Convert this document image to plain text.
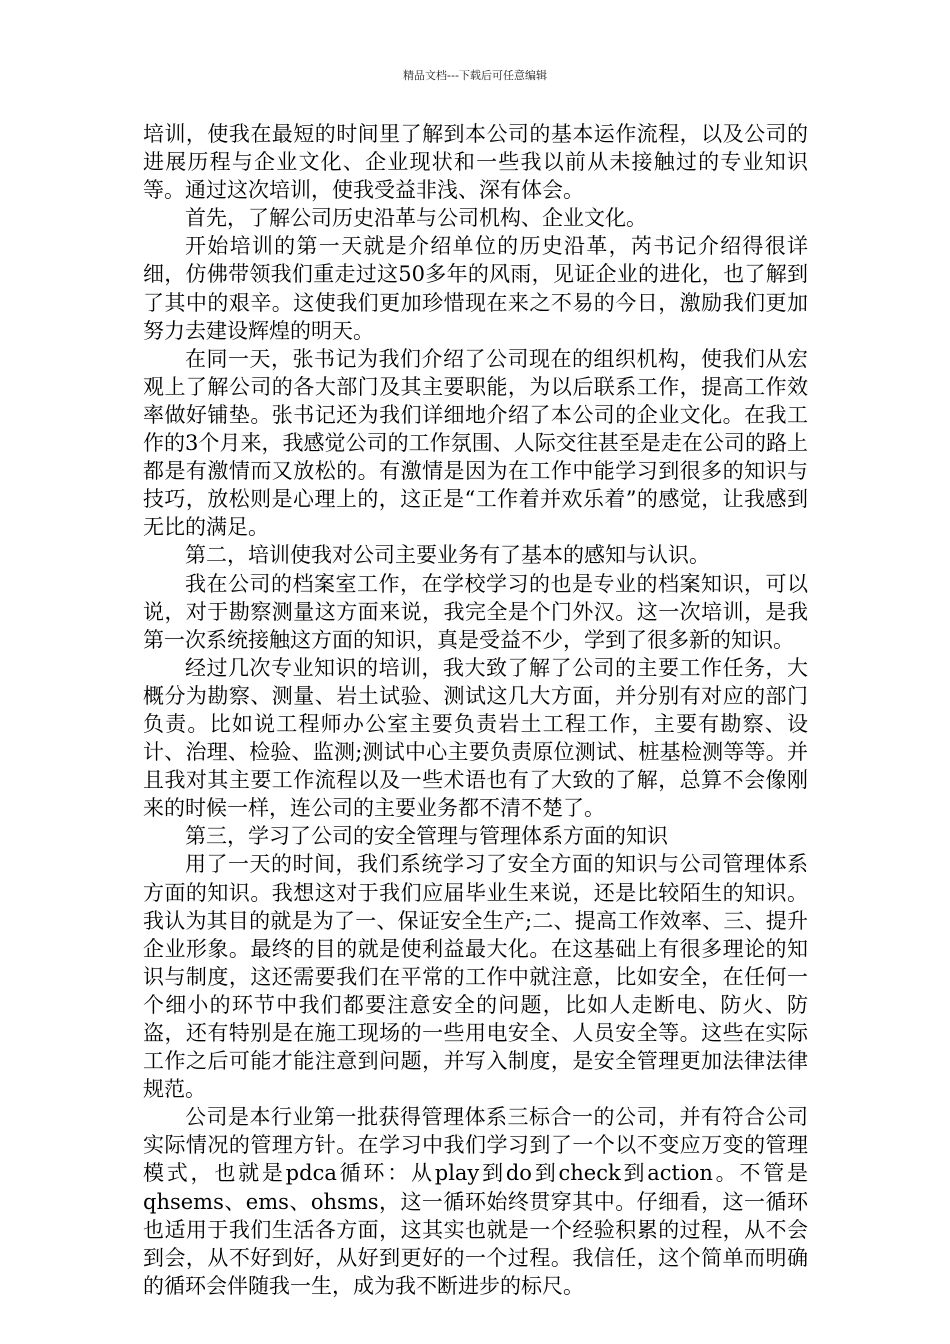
精品文档---下载后可任意编辑

培训，使我在最短的时间里了解到本公司的基本运作流程，以及公司的进展历程与企业文化、企业现状和一些我以前从未接触过的专业知识等。通过这次培训，使我受益非浅、深有体会。

首先，了解公司历史沿革与公司机构、企业文化。

开始培训的第一天就是介绍单位的历史沿革，芮书记介绍得很详细，仿佛带领我们重走过这50多年的风雨，见证企业的进化，也了解到了其中的艰辛。这使我们更加珍惜现在来之不易的今日，激励我们更加努力去建设辉煌的明天。

在同一天，张书记为我们介绍了公司现在的组织机构，使我们从宏观上了解公司的各大部门及其主要职能，为以后联系工作，提高工作效率做好铺垫。张书记还为我们详细地介绍了本公司的企业文化。在我工作的3个月来，我感觉公司的工作氛围、人际交往甚至是走在公司的路上都是有激情而又放松的。有激情是因为在工作中能学习到很多的知识与技巧，放松则是心理上的，这正是“工作着并欢乐着”的感觉，让我感到无比的满足。

第二，培训使我对公司主要业务有了基本的感知与认识。

我在公司的档案室工作，在学校学习的也是专业的档案知识，可以说，对于勘察测量这方面来说，我完全是个门外汉。这一次培训，是我第一次系统接触这方面的知识，真是受益不少，学到了很多新的知识。

经过几次专业知识的培训，我大致了解了公司的主要工作任务，大概分为勘察、测量、岩土试验、测试这几大方面，并分别有对应的部门负责。比如说工程师办公室主要负责岩土工程工作，主要有勘察、设计、治理、检验、监测;测试中心主要负责原位测试、桩基检测等等。并且我对其主要工作流程以及一些术语也有了大致的了解，总算不会像刚来的时候一样，连公司的主要业务都不清不楚了。

第三，学习了公司的安全管理与管理体系方面的知识

用了一天的时间，我们系统学习了安全方面的知识与公司管理体系方面的知识。我想这对于我们应届毕业生来说，还是比较陌生的知识。我认为其目的就是为了一、保证安全生产;二、提高工作效率、三、提升企业形象。最终的目的就是使利益最大化。在这基础上有很多理论的知识与制度，这还需要我们在平常的工作中就注意，比如安全，在任何一个细小的环节中我们都要注意安全的问题，比如人走断电、防火、防盗，还有特别是在施工现场的一些用电安全、人员安全等。这些在实际工作之后可能才能注意到问题，并写入制度，是安全管理更加法律法律规范。

公司是本行业第一批获得管理体系三标合一的公司，并有符合公司实际情况的管理方针。在学习中我们学习到了一个以不变应万变的管理模式，也就是pdca循环：从play到do到check到action。不管是qhsems、ems、ohsms，这一循环始终贯穿其中。仔细看，这一循环也适用于我们生活各方面，这其实也就是一个经验积累的过程，从不会到会，从不好到好，从好到更好的一个过程。我信任，这个简单而明确的循环会伴随我一生，成为我不断进步的标尺。
